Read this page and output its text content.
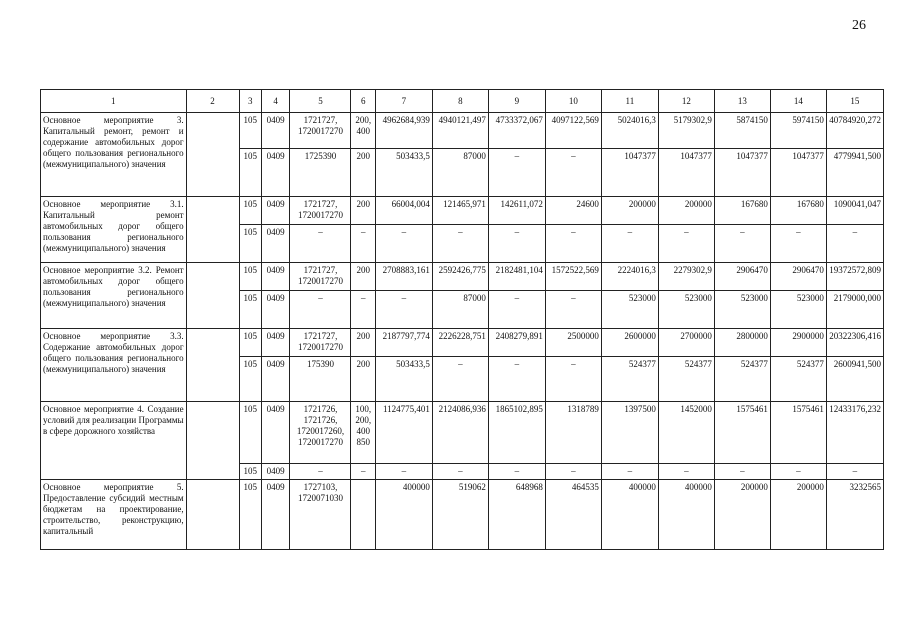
26
1	2	3	4	5	6	7	8	9	10	11	12	13	14	15
Основное мероприятие 3. Капитальный ремонт, ремонт и содержание автомобильных дорог общего пользования регионального (межмуниципального) значения		105	0409	1721727, 1720017270	200, 400	4962684,939	4940121,497	4733372,067	4097122,569	5024016,3	5179302,9	5874150	5974150	40784920,272
		105	0409	1725390	200	503433,5	87000	–	–	1047377	1047377	1047377	1047377	4779941,500
Основное мероприятие 3.1. Капитальный ремонт автомобильных дорог общего пользования регионального (межмуниципального) значения		105	0409	1721727, 1720017270	200	66004,004	121465,971	142611,072	24600	200000	200000	167680	167680	1090041,047
		105	0409	–	–	–	–	–	–	–	–	–	–	–
Основное мероприятие 3.2. Ремонт автомобильных дорог общего пользования регионального (межмуниципального) значения		105	0409	1721727, 1720017270	200	2708883,161	2592426,775	2182481,104	1572522,569	2224016,3	2279302,9	2906470	2906470	19372572,809
		105	0409	–	–	–	87000	–	–	523000	523000	523000	523000	2179000,000
Основное мероприятие 3.3. Содержание автомобильных дорог общего пользования регионального (межмуниципального) значения		105	0409	1721727, 1720017270	200	2187797,774	2226228,751	2408279,891	2500000	2600000	2700000	2800000	2900000	20322306,416
		105	0409	175390	200	503433,5	–	–	–	524377	524377	524377	524377	2600941,500
Основное мероприятие 4. Создание условий для реализации Программы в сфере дорожного хозяйства		105	0409	1721726, 1721726, 1720017260, 1720017270	100, 200, 400 850	1124775,401	2124086,936	1865102,895	1318789	1397500	1452000	1575461	1575461	12433176,232
		105	0409	–	–	–	–	–	–	–	–	–	–	–
Основное мероприятие 5. Предоставление субсидий местным бюджетам на проектирование, строительство, реконструкцию, капитальный		105	0409	1727103, 1720071030		400000	519062	648968	464535	400000	400000	200000	200000	3232565
